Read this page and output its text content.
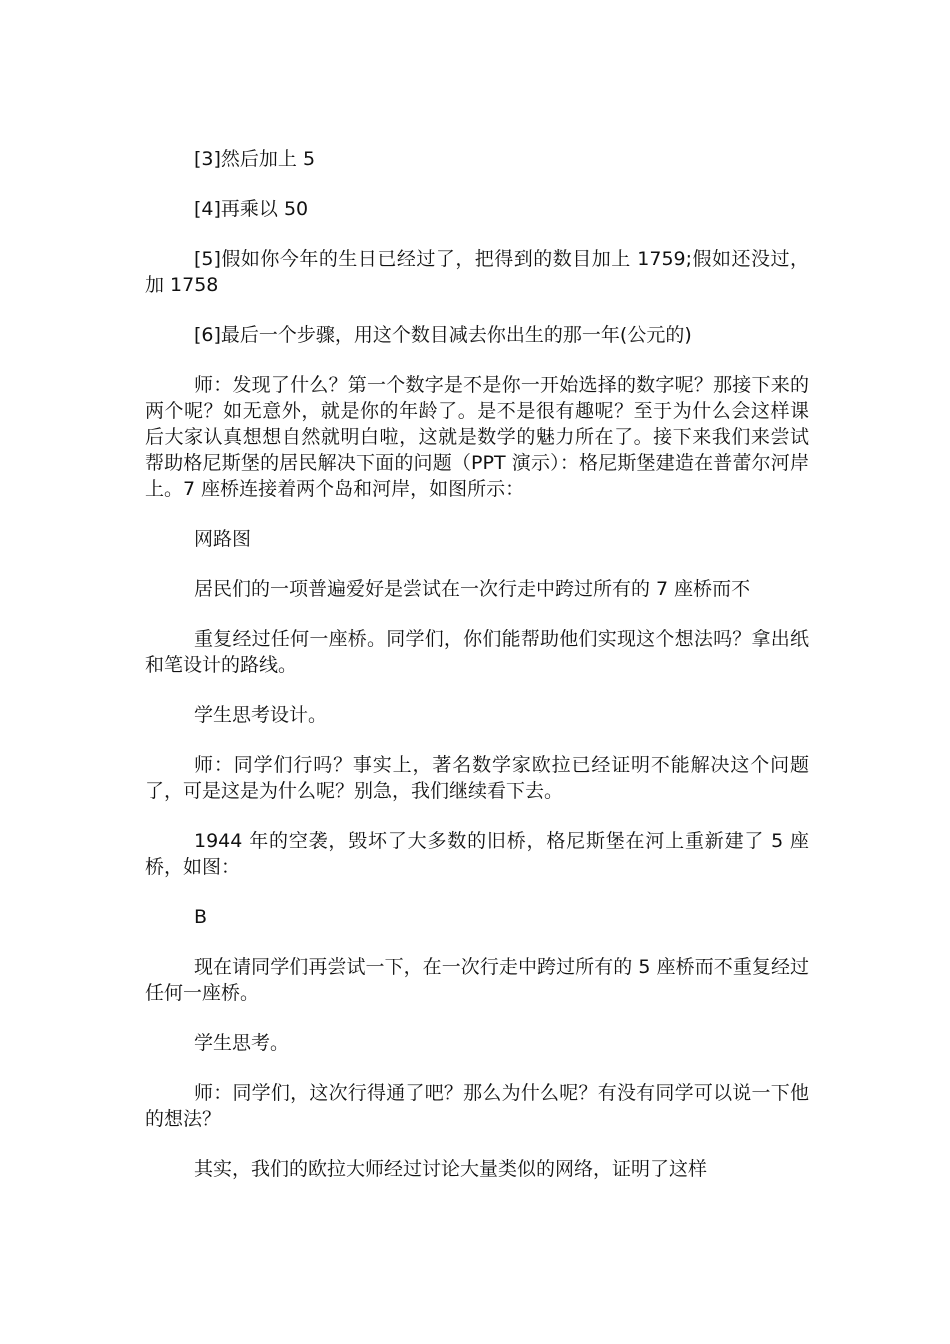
[3]然后加上 5

[4]再乘以 50

[5]假如你今年的生日已经过了，把得到的数目加上 1759;假如还没过，加 1758

[6]最后一个步骤，用这个数目减去你出生的那一年(公元的)

师：发现了什么？第一个数字是不是你一开始选择的数字呢？那接下来的两个呢？如无意外，就是你的年龄了。是不是很有趣呢？至于为什么会这样课后大家认真想想自然就明白啦，这就是数学的魅力所在了。接下来我们来尝试帮助格尼斯堡的居民解决下面的问题（PPT 演示）：格尼斯堡建造在普蕾尔河岸上。7 座桥连接着两个岛和河岸，如图所示：

网路图

居民们的一项普遍爱好是尝试在一次行走中跨过所有的 7 座桥而不

重复经过任何一座桥。同学们，你们能帮助他们实现这个想法吗？拿出纸和笔设计的路线。

学生思考设计。

师：同学们行吗？事实上，著名数学家欧拉已经证明不能解决这个问题了，可是这是为什么呢？别急，我们继续看下去。

1944 年的空袭，毁坏了大多数的旧桥，格尼斯堡在河上重新建了 5 座桥，如图：

B

现在请同学们再尝试一下，在一次行走中跨过所有的 5 座桥而不重复经过任何一座桥。

学生思考。

师：同学们，这次行得通了吧？那么为什么呢？有没有同学可以说一下他的想法？

其实，我们的欧拉大师经过讨论大量类似的网络，证明了这样
